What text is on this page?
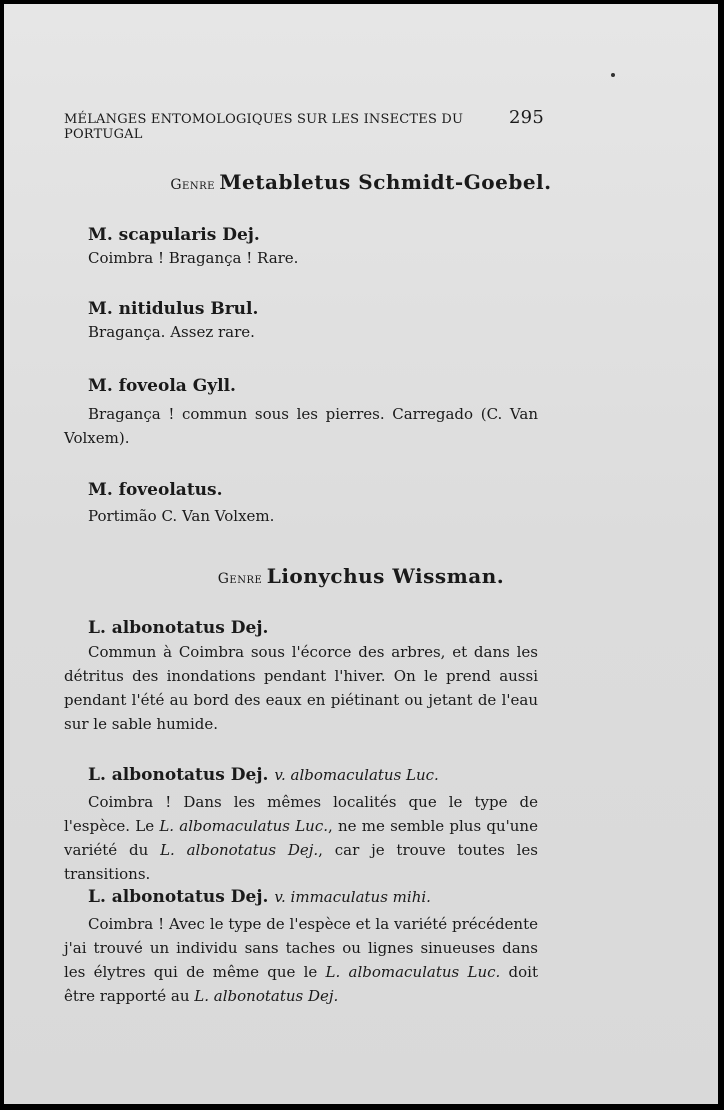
MÉLANGES ENTOMOLOGIQUES SUR LES INSECTES DU PORTUGAL
295
Genre Metabletus Schmidt-Goebel.
M. scapularis Dej.
Coimbra ! Bragança ! Rare.
M. nitidulus Brul.
Bragança. Assez rare.
M. foveola Gyll.
Bragança ! commun sous les pierres. Carregado (C. Van Volxem).
M. foveolatus.
Portimão C. Van Volxem.
Genre Lionychus Wissman.
L. albonotatus Dej.
Commun à Coimbra sous l'écorce des arbres, et dans les détritus des inondations pendant l'hiver. On le prend aussi pendant l'été au bord des eaux en piétinant ou jetant de l'eau sur le sable humide.
L. albonotatus Dej. v. albomaculatus Luc.
Coimbra ! Dans les mêmes localités que le type de l'espèce. Le L. albomaculatus Luc., ne me semble plus qu'une variété du L. albonotatus Dej., car je trouve toutes les transitions.
L. albonotatus Dej. v. immaculatus mihi.
Coimbra ! Avec le type de l'espèce et la variété précédente j'ai trouvé un individu sans taches ou lignes sinueuses dans les élytres qui de même que le L. albomaculatus Luc. doit être rapporté au L. albonotatus Dej.
